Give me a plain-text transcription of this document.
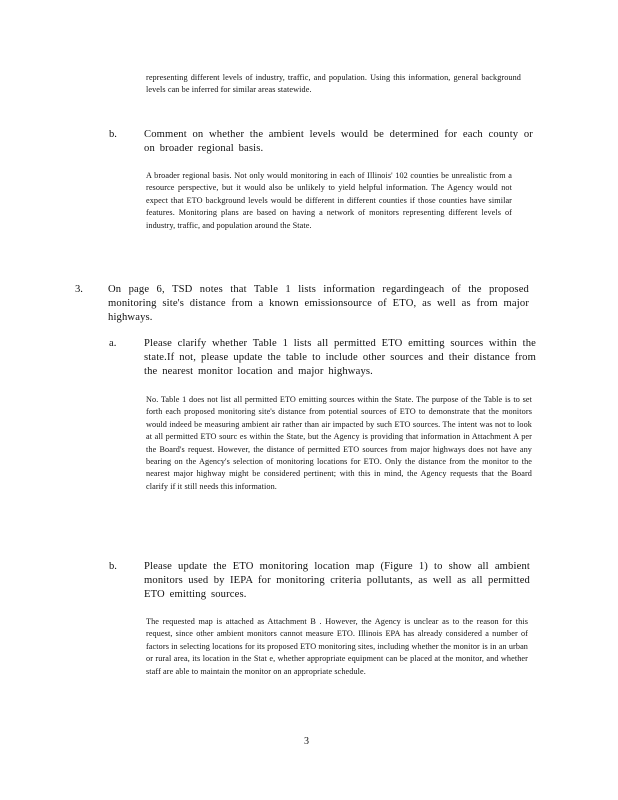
representing different levels of industry, traffic, and population. Using this information, general background levels can be inferred for similar areas statewide.

b.	Comment on whether the ambient levels would be determined for each county or on broader regional basis.

A broader regional basis. Not only would monitoring in each of Illinois' 102 counties be unrealistic from a resource perspective, but it would also be unlikely to yield helpful information. The Agency would not expect that ETO background levels would be different in different counties if those counties have similar features. Monitoring plans are based on having a network of monitors representing different levels of industry, traffic, and population around the State.

3. On page 6, TSD notes that Table 1 lists information regardingeach of the proposed monitoring site's distance from a known emissionsource of ETO, as well as from major highways.

a.	Please clarify whether Table 1 lists all permitted ETO emitting sources within the state.If not, please update the table to include other sources and their distance from the nearest monitor location and major highways.

No. Table 1 does not list all permitted ETO emitting sources within the State. The purpose of the Table is to set forth each proposed monitoring site's distance from potential sources of ETO to demonstrate that the monitors would indeed be measuring ambient air rather than air impacted by such ETO sources. The intent was not to look at all permitted ETO sourc es within the State, but the Agency is providing that information in Attachment A per the Board's request. However, the distance of permitted ETO sources from major highways does not have any bearing on the Agency's selection of monitoring locations for ETO. Only the distance from the monitor to the nearest major highway might be considered pertinent; with this in mind, the Agency requests that the Board clarify if it still needs this information.

b.	Please update the ETO monitoring location map (Figure 1) to show all ambient monitors used by IEPA for monitoring criteria pollutants, as well as all permitted ETO emitting sources.

The requested map is attached as Attachment B . However, the Agency is unclear as to the reason for this request, since other ambient monitors cannot measure ETO. Illinois EPA has already considered a number of factors in selecting locations for its proposed ETO monitoring sites, including whether the monitor is in an urban or rural area, its location in the Stat e, whether appropriate equipment can be placed at the monitor, and whether staff are able to maintain the monitor on an appropriate schedule.

3
